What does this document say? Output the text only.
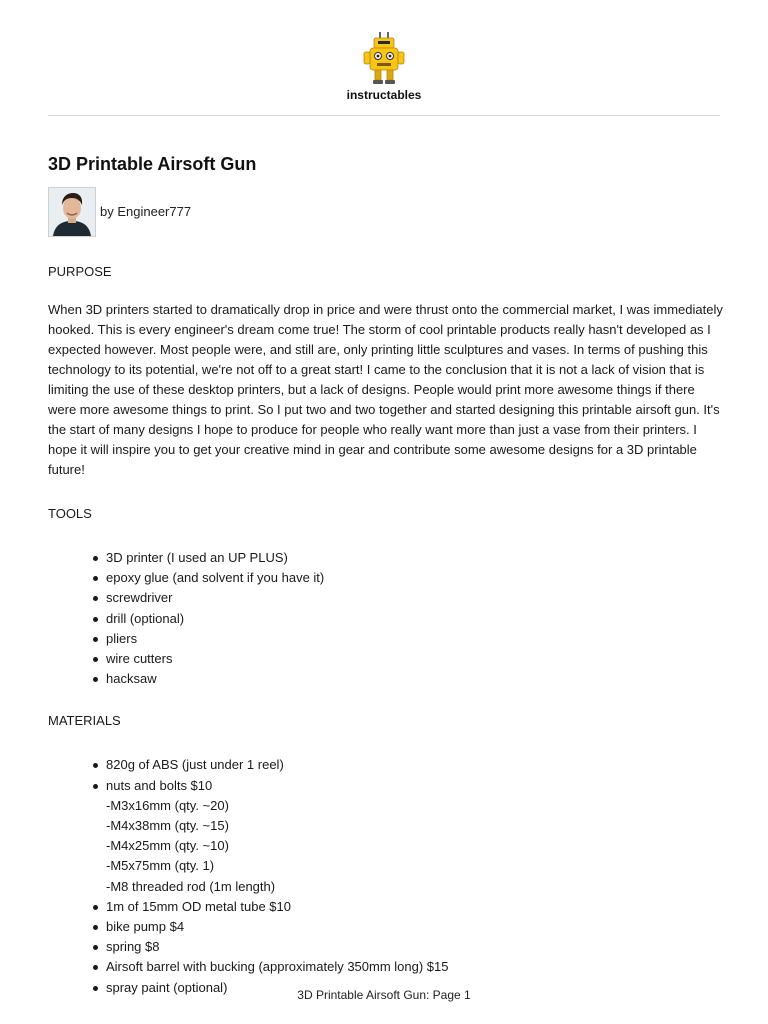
instructables
3D Printable Airsoft Gun
by Engineer777
PURPOSE

When 3D printers started to dramatically drop in price and were thrust onto the commercial market, I was immediately hooked. This is every engineer's dream come true! The storm of cool printable products really hasn't developed as I expected however. Most people were, and still are, only printing little sculptures and vases. In terms of pushing this technology to its potential, we're not off to a great start! I came to the conclusion that it is not a lack of vision that is limiting the use of these desktop printers, but a lack of designs. People would print more awesome things if there were more awesome things to print. So I put two and two together and started designing this printable airsoft gun. It's the start of many designs I hope to produce for people who really want more than just a vase from their printers. I hope it will inspire you to get your creative mind in gear and contribute some awesome designs for a 3D printable future!

TOOLS
3D printer (I used an UP PLUS)
epoxy glue (and solvent if you have it)
screwdriver
drill (optional)
pliers
wire cutters
hacksaw
MATERIALS
820g of ABS (just under 1 reel)
nuts and bolts $10
-M3x16mm (qty. ~20)
-M4x38mm (qty. ~15)
-M4x25mm (qty. ~10)
-M5x75mm (qty. 1)
-M8 threaded rod (1m length)
1m of 15mm OD metal tube $10
bike pump $4
spring $8
Airsoft barrel with bucking (approximately 350mm long) $15
spray paint (optional)
3D Printable Airsoft Gun: Page 1
